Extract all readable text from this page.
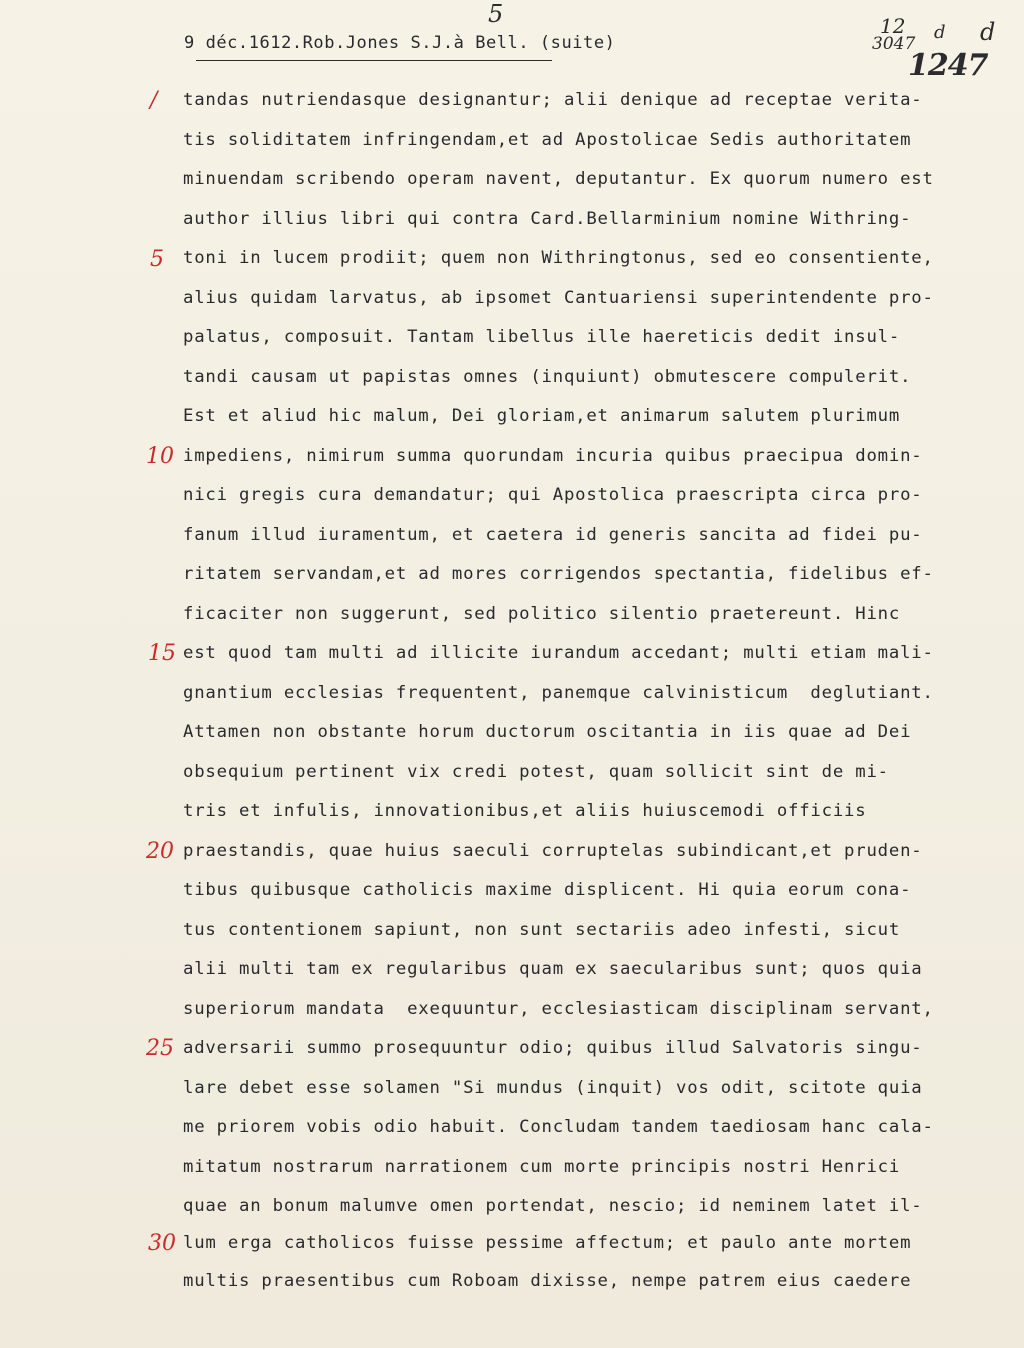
5
9 déc.1612.Rob.Jones S.J.à Bell. (suite)
12
3047
1247
d d
/
5
10
15
20
25
30
tandas nutriendasque designantur; alii denique ad receptae verita-
tis soliditatem infringendam,et ad Apostolicae Sedis authoritatem
minuendam scribendo operam navent, deputantur. Ex quorum numero est
author illius libri qui contra Card.Bellarminium nomine Withring-
toni in lucem prodiit; quem non Withringtonus, sed eo consentiente,
alius quidam larvatus, ab ipsomet Cantuariensi superintendente pro-
palatus, composuit. Tantam libellus ille haereticis dedit insul-
tandi causam ut papistas omnes (inquiunt) obmutescere compulerit.
Est et aliud hic malum, Dei gloriam,et animarum salutem plurimum
impediens, nimirum summa quorundam incuria quibus praecipua domin-
nici gregis cura demandatur; qui Apostolica praescripta circa pro-
fanum illud iuramentum, et caetera id generis sancita ad fidei pu-
ritatem servandam,et ad mores corrigendos spectantia, fidelibus ef-
ficaciter non suggerunt, sed politico silentio praetereunt. Hinc
est quod tam multi ad illicite iurandum accedant; multi etiam mali-
gnantium ecclesias frequentent, panemque calvinisticum  deglutiant.
Attamen non obstante horum ductorum oscitantia in iis quae ad Dei
obsequium pertinent vix credi potest, quam sollicit sint de mi-
tris et infulis, innovationibus,et aliis huiuscemodi officiis
praestandis, quae huius saeculi corruptelas subindicant,et pruden-
tibus quibusque catholicis maxime displicent. Hi quia eorum cona-
tus contentionem sapiunt, non sunt sectariis adeo infesti, sicut
alii multi tam ex regularibus quam ex saecularibus sunt; quos quia
superiorum mandata  exequuntur, ecclesiasticam disciplinam servant,
adversarii summo prosequuntur odio; quibus illud Salvatoris singu-
lare debet esse solamen "Si mundus (inquit) vos odit, scitote quia
me priorem vobis odio habuit. Concludam tandem taediosam hanc cala-
mitatum nostrarum narrationem cum morte principis nostri Henrici
quae an bonum malumve omen portendat, nescio; id neminem latet il-
lum erga catholicos fuisse pessime affectum; et paulo ante mortem
multis praesentibus cum Roboam dixisse, nempe patrem eius caedere
